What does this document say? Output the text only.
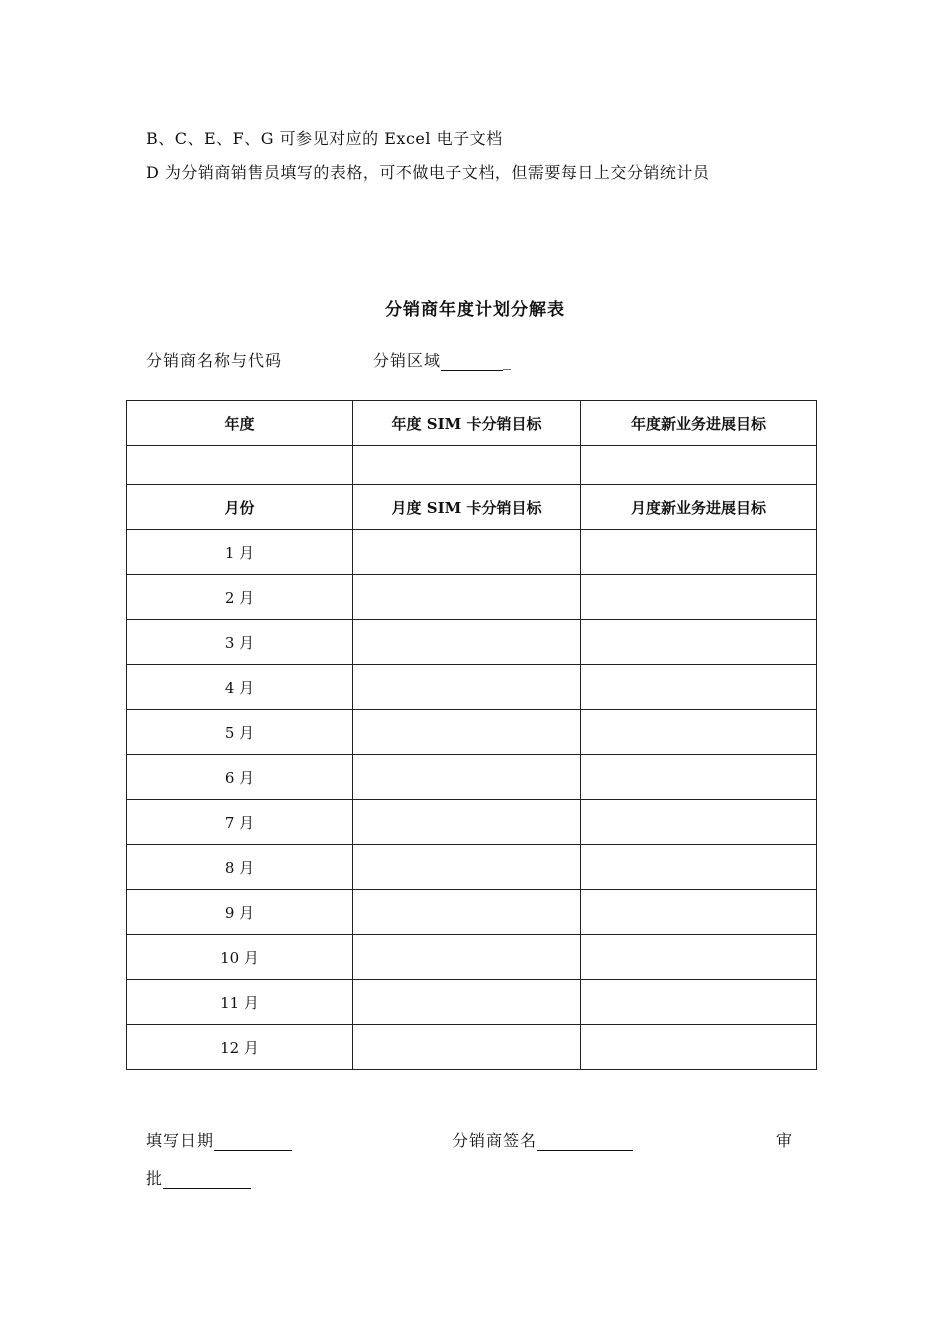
B、C、E、F、G 可参见对应的 Excel 电子文档
D 为分销商销售员填写的表格，可不做电子文档，但需要每日上交分销统计员
分销商年度计划分解表
分销商名称与代码	分销区域	_
年度	年度 SIM 卡分销目标	年度新业务进展目标

月份	月度 SIM 卡分销目标	月度新业务进展目标
1 月		
2 月		
3 月		
4 月		
5 月		
6 月		
7 月		
8 月		
9 月		
10 月		
11 月		
12 月		
填写日期	分销商签名	审
批
